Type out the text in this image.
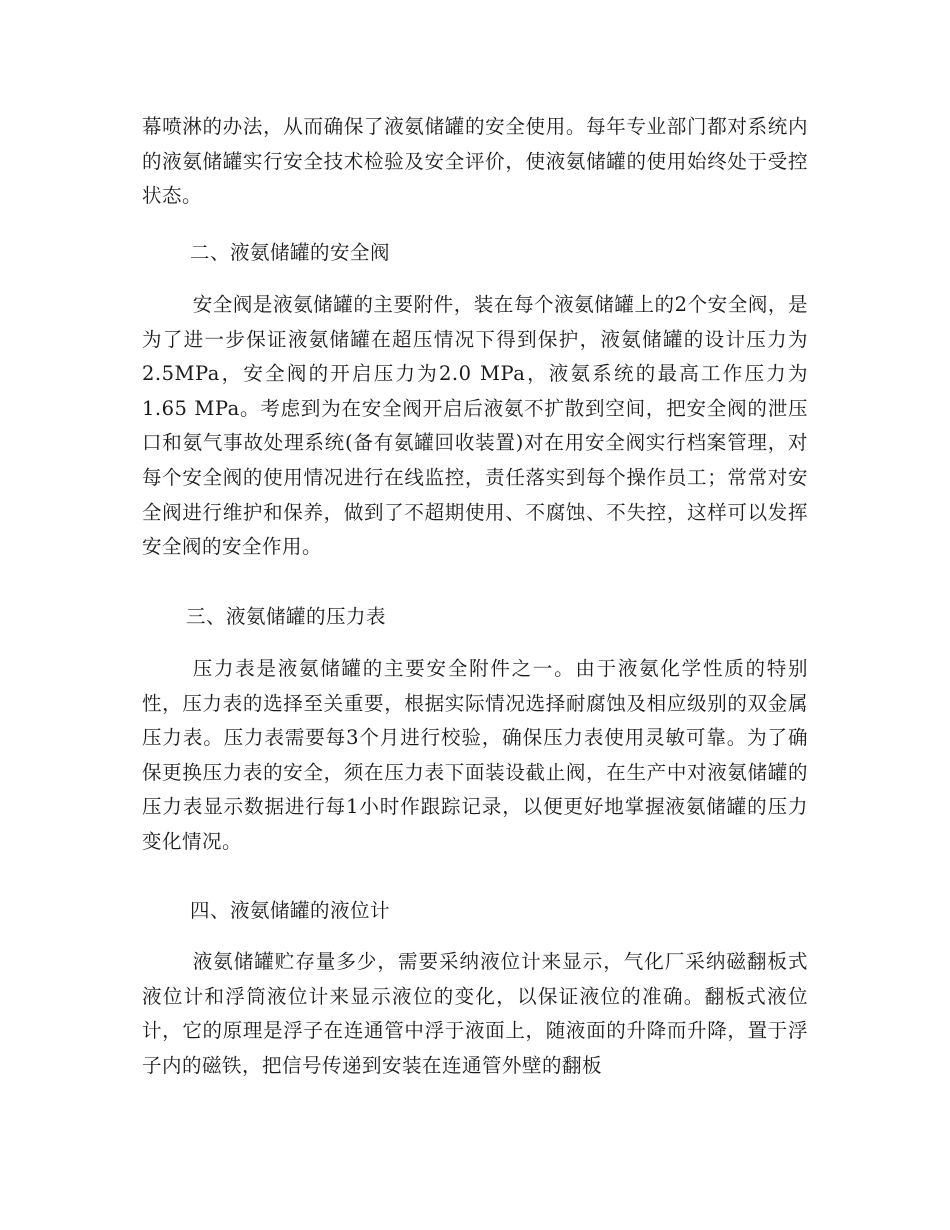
幕喷淋的办法，从而确保了液氨储罐的安全使用。每年专业部门都对系统内的液氨储罐实行安全技术检验及安全评价，使液氨储罐的使用始终处于受控状态。

二、液氨储罐的安全阀

安全阀是液氨储罐的主要附件，装在每个液氨储罐上的2个安全阀，是为了进一步保证液氨储罐在超压情况下得到保护，液氨储罐的设计压力为2.5MPa，安全阀的开启压力为2.0 MPa，液氨系统的最高工作压力为1.65 MPa。考虑到为在安全阀开启后液氨不扩散到空间，把安全阀的泄压口和氨气事故处理系统(备有氨罐回收装置)对在用安全阀实行档案管理，对每个安全阀的使用情况进行在线监控，责任落实到每个操作员工；常常对安全阀进行维护和保养，做到了不超期使用、不腐蚀、不失控，这样可以发挥安全阀的安全作用。

三、液氨储罐的压力表

压力表是液氨储罐的主要安全附件之一。由于液氨化学性质的特别性，压力表的选择至关重要，根据实际情况选择耐腐蚀及相应级别的双金属压力表。压力表需要每3个月进行校验，确保压力表使用灵敏可靠。为了确保更换压力表的安全，须在压力表下面装设截止阀，在生产中对液氨储罐的压力表显示数据进行每1小时作跟踪记录，以便更好地掌握液氨储罐的压力变化情况。

四、液氨储罐的液位计

液氨储罐贮存量多少，需要采纳液位计来显示，气化厂采纳磁翻板式液位计和浮筒液位计来显示液位的变化，以保证液位的准确。翻板式液位计，它的原理是浮子在连通管中浮于液面上，随液面的升降而升降，置于浮子内的磁铁，把信号传递到安装在连通管外壁的翻板
